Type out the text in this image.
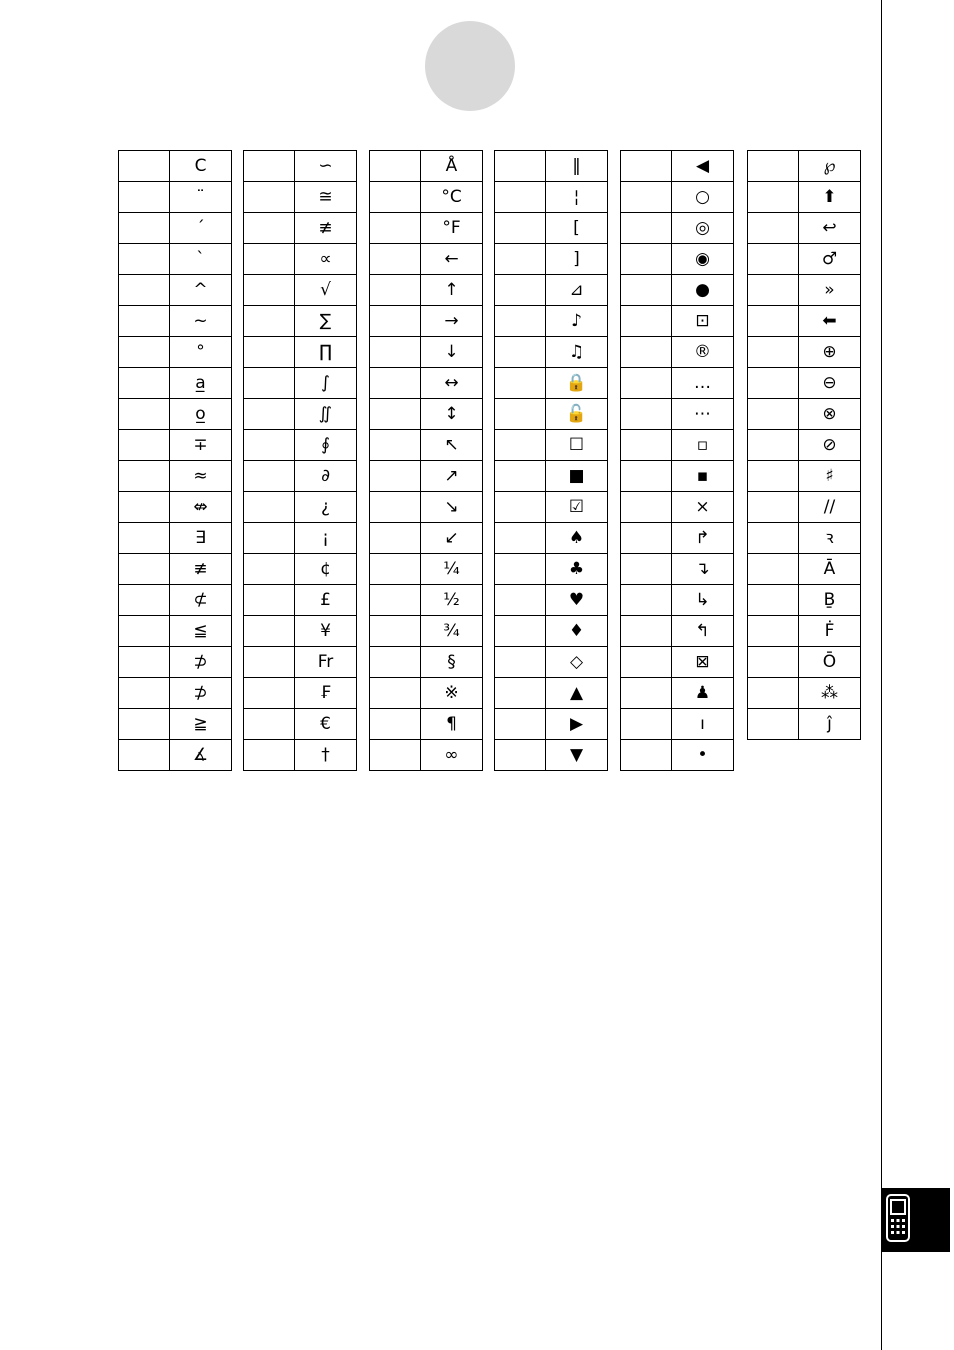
	C
	¨
	´
	`
	^
	~
	°
	a̲
	o̲
	∓
	≈
	⇎
	∃
	≢
	⊄
	≦
	⊅
	⊅
	≧
	∡
	∽
	≅
	≢
	∝
	√
	∑
	∏
	∫
	∬
	∮
	∂
	¿
	¡
	¢
	£
	¥
	Fr
	₣
	€
	†
	Å
	°C
	°F
	←
	↑
	→
	↓
	↔
	↕
	↖
	↗
	↘
	↙
	¼
	½
	¾
	§
	※
	¶
	∞
	‖
	¦
	[
	]
	⊿
	♪
	♫
	🔒
	🔓
	☐
	■
	☑
	♠
	♣
	♥
	♦
	◇
	▲
	▶
	▼
	◀
	○
	◎
	◉
	●
	⊡
	®
	…
	⋯
	▫
	▪
	×
	↱
	↴
	↳
	↰
	⊠
	♟
	ı
	•
	℘
	⬆
	↩
	♂
	»
	⬅
	⊕
	⊖
	⊗
	⊘
	♯
	//
	ꝛ
	Ā
	Ḇ
	Ḟ
	Ō
	⁂
	ĵ
